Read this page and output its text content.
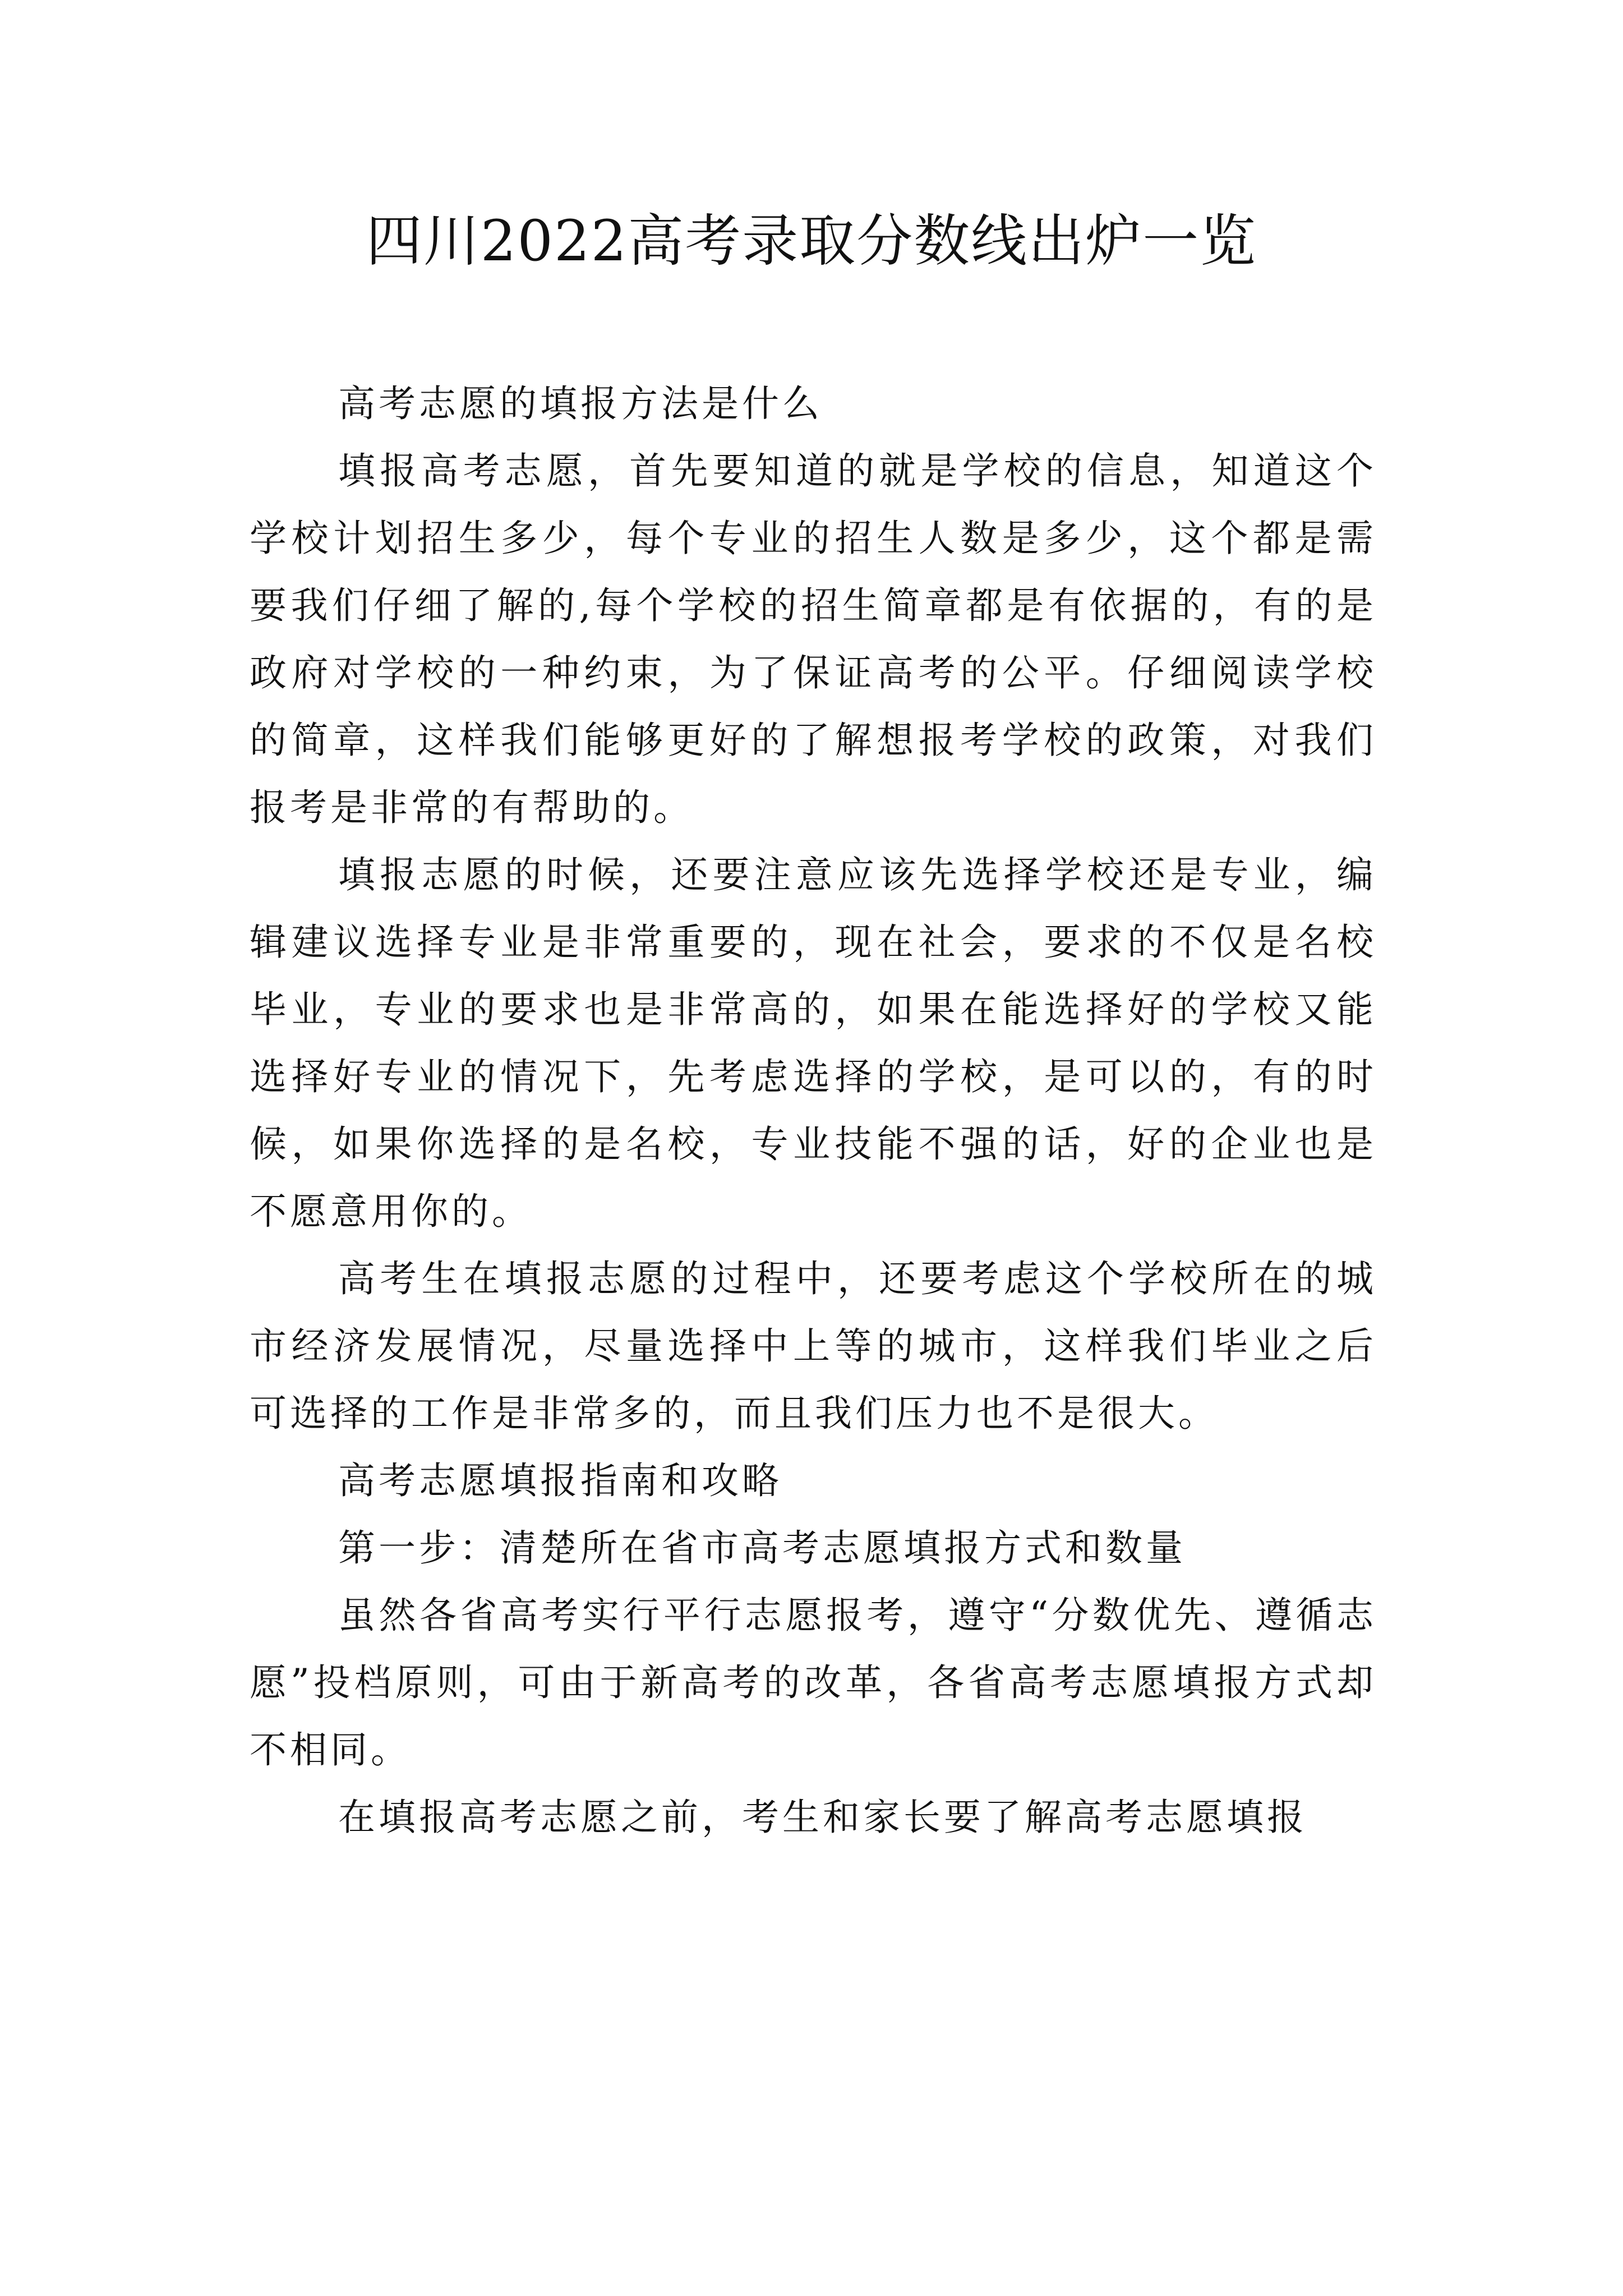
四川2022高考录取分数线出炉一览

高考志愿的填报方法是什么

填报高考志愿，首先要知道的就是学校的信息，知道这个学校计划招生多少，每个专业的招生人数是多少，这个都是需要我们仔细了解的,每个学校的招生简章都是有依据的，有的是政府对学校的一种约束，为了保证高考的公平。仔细阅读学校的简章，这样我们能够更好的了解想报考学校的政策，对我们报考是非常的有帮助的。

填报志愿的时候，还要注意应该先选择学校还是专业，编辑建议选择专业是非常重要的，现在社会，要求的不仅是名校毕业，专业的要求也是非常高的，如果在能选择好的学校又能选择好专业的情况下，先考虑选择的学校，是可以的，有的时候，如果你选择的是名校，专业技能不强的话，好的企业也是不愿意用你的。

高考生在填报志愿的过程中，还要考虑这个学校所在的城市经济发展情况，尽量选择中上等的城市，这样我们毕业之后可选择的工作是非常多的，而且我们压力也不是很大。

高考志愿填报指南和攻略

第一步：清楚所在省市高考志愿填报方式和数量

虽然各省高考实行平行志愿报考，遵守“分数优先、遵循志愿”投档原则，可由于新高考的改革，各省高考志愿填报方式却不相同。

在填报高考志愿之前，考生和家长要了解高考志愿填报
